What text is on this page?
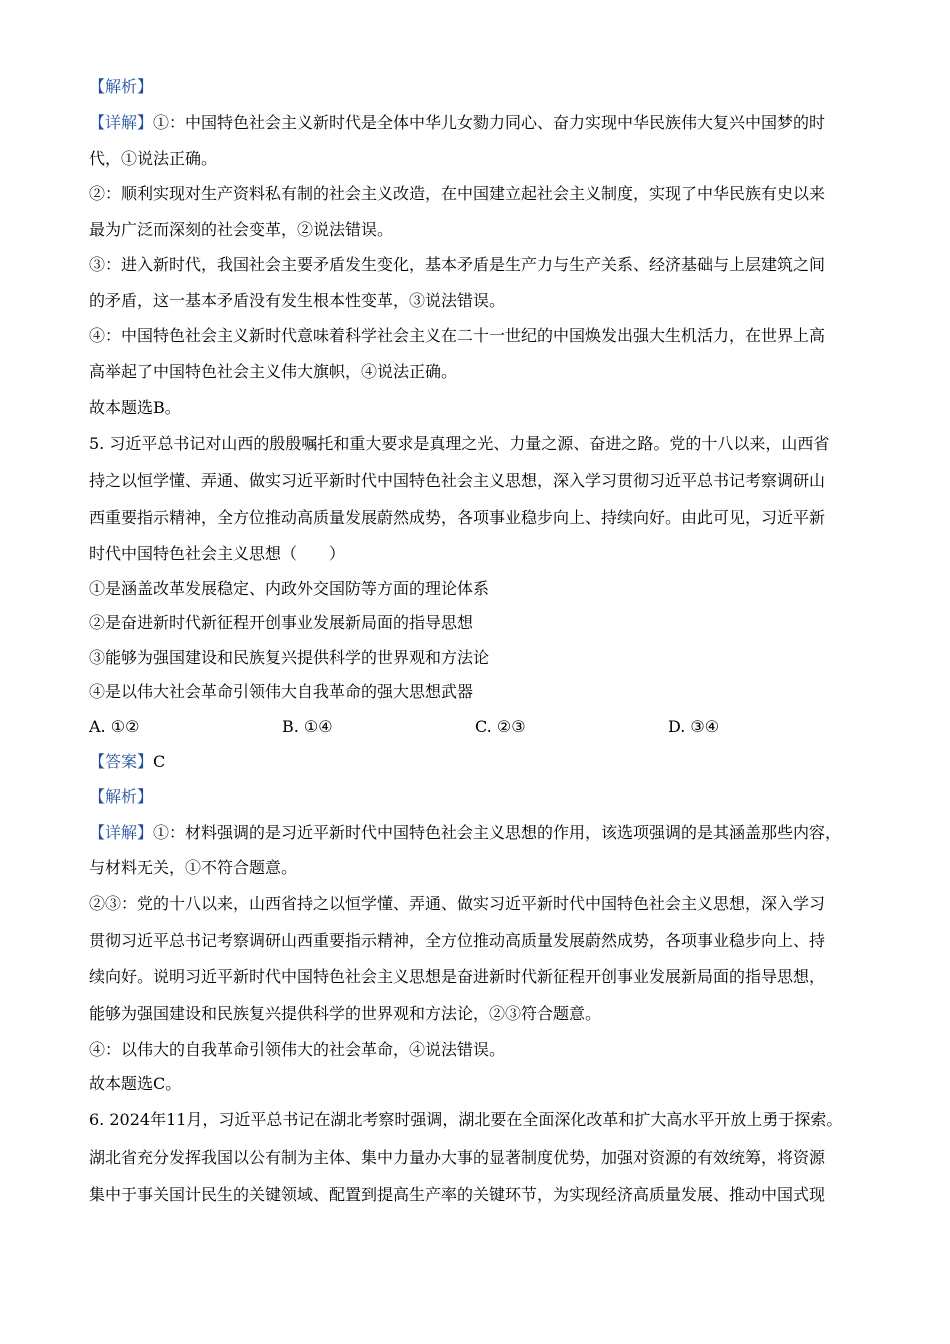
【解析】
【详解】①：中国特色社会主义新时代是全体中华儿女勠力同心、奋力实现中华民族伟大复兴中国梦的时
代，①说法正确。
②：顺利实现对生产资料私有制的社会主义改造，在中国建立起社会主义制度，实现了中华民族有史以来
最为广泛而深刻的社会变革，②说法错误。
③：进入新时代，我国社会主要矛盾发生变化，基本矛盾是生产力与生产关系、经济基础与上层建筑之间
的矛盾，这一基本矛盾没有发生根本性变革，③说法错误。
④：中国特色社会主义新时代意味着科学社会主义在二十一世纪的中国焕发出强大生机活力，在世界上高
高举起了中国特色社会主义伟大旗帜，④说法正确。
故本题选B。
5. 习近平总书记对山西的殷殷嘱托和重大要求是真理之光、力量之源、奋进之路。党的十八以来，山西省
持之以恒学懂、弄通、做实习近平新时代中国特色社会主义思想，深入学习贯彻习近平总书记考察调研山
西重要指示精神，全方位推动高质量发展蔚然成势，各项事业稳步向上、持续向好。由此可见，习近平新
时代中国特色社会主义思想（　　）
①是涵盖改革发展稳定、内政外交国防等方面的理论体系
②是奋进新时代新征程开创事业发展新局面的指导思想
③能够为强国建设和民族复兴提供科学的世界观和方法论
④是以伟大社会革命引领伟大自我革命的强大思想武器
A. ①②	B. ①④	C. ②③	D. ③④
【答案】C
【解析】
【详解】①：材料强调的是习近平新时代中国特色社会主义思想的作用，该选项强调的是其涵盖那些内容，
与材料无关，①不符合题意。
②③：党的十八以来，山西省持之以恒学懂、弄通、做实习近平新时代中国特色社会主义思想，深入学习
贯彻习近平总书记考察调研山西重要指示精神，全方位推动高质量发展蔚然成势，各项事业稳步向上、持
续向好。说明习近平新时代中国特色社会主义思想是奋进新时代新征程开创事业发展新局面的指导思想，
能够为强国建设和民族复兴提供科学的世界观和方法论，②③符合题意。
④：以伟大的自我革命引领伟大的社会革命，④说法错误。
故本题选C。
6. 2024年11月，习近平总书记在湖北考察时强调，湖北要在全面深化改革和扩大高水平开放上勇于探索。
湖北省充分发挥我国以公有制为主体、集中力量办大事的显著制度优势，加强对资源的有效统筹，将资源
集中于事关国计民生的关键领域、配置到提高生产率的关键环节，为实现经济高质量发展、推动中国式现
